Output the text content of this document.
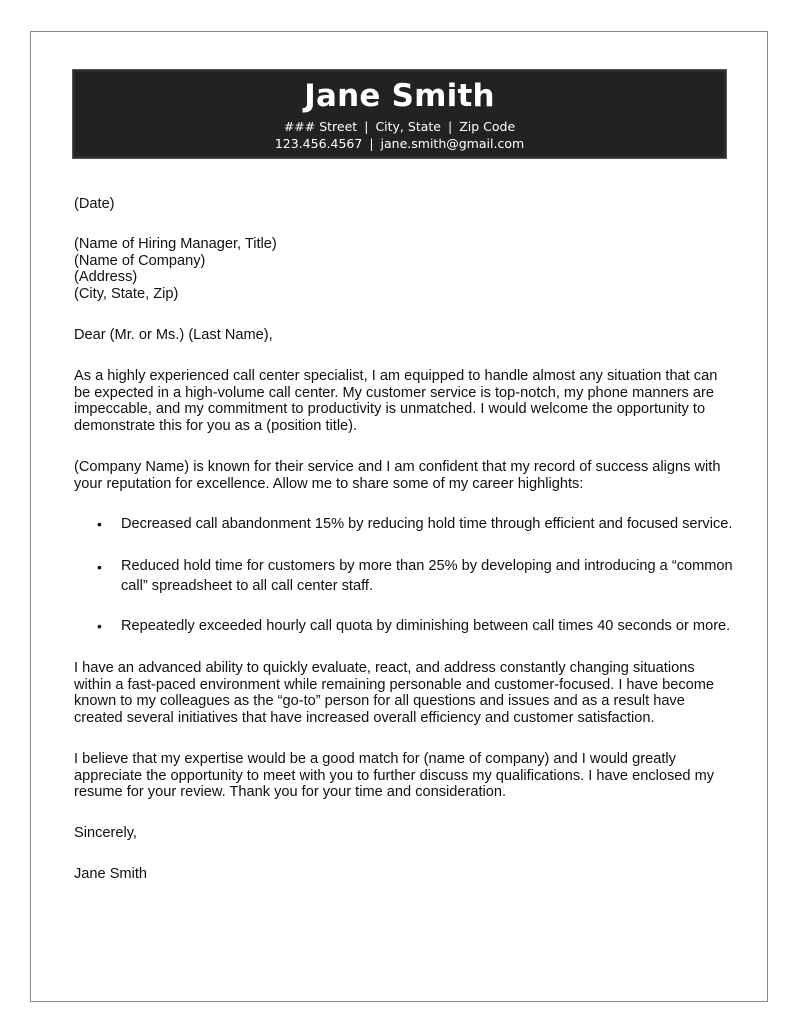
Jane Smith
### Street | City, State | Zip Code
123.456.4567 | jane.smith@gmail.com
(Date)
(Name of Hiring Manager, Title)
(Name of Company)
(Address)
(City, State, Zip)
Dear (Mr. or Ms.) (Last Name),
As a highly experienced call center specialist, I am equipped to handle almost any situation that can
be expected in a high-volume call center. My customer service is top-notch, my phone manners are
impeccable, and my commitment to productivity is unmatched. I would welcome the opportunity to
demonstrate this for you as a (position title).
(Company Name) is known for their service and I am confident that my record of success aligns with
your reputation for excellence. Allow me to share some of my career highlights:
• Decreased call abandonment 15% by reducing hold time through efficient and focused service.
• Reduced hold time for customers by more than 25% by developing and introducing a “common
call” spreadsheet to all call center staff.
• Repeatedly exceeded hourly call quota by diminishing between call times 40 seconds or more.
I have an advanced ability to quickly evaluate, react, and address constantly changing situations
within a fast-paced environment while remaining personable and customer-focused. I have become
known to my colleagues as the “go-to” person for all questions and issues and as a result have
created several initiatives that have increased overall efficiency and customer satisfaction.
I believe that my expertise would be a good match for (name of company) and I would greatly
appreciate the opportunity to meet with you to further discuss my qualifications. I have enclosed my
resume for your review. Thank you for your time and consideration.
Sincerely,
Jane Smith
